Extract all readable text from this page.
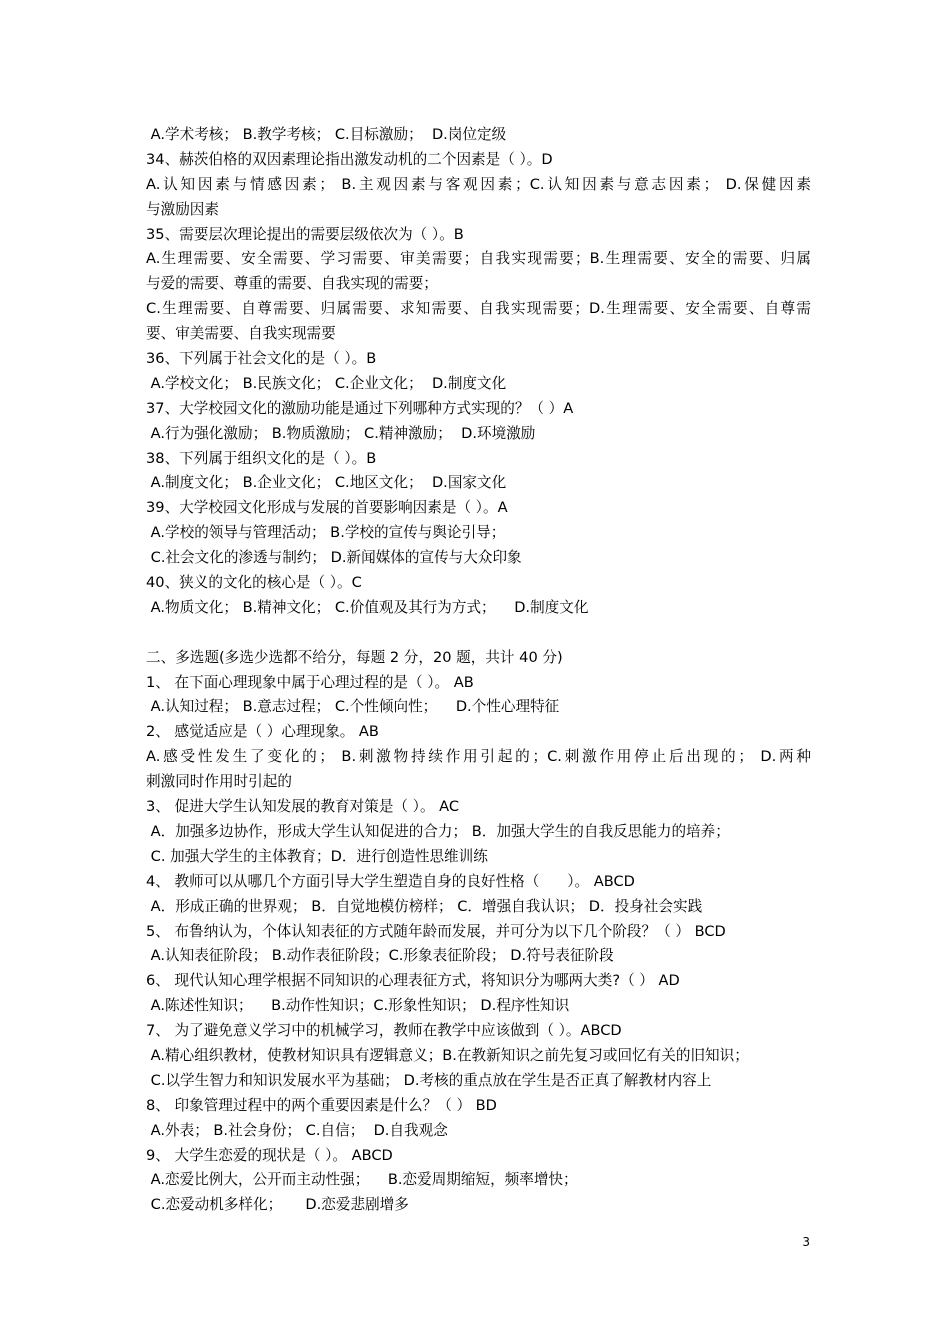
A.学术考核； B.教学考核； C.目标激励；  D.岗位定级
34、赫茨伯格的双因素理论指出激发动机的二个因素是（ ）。D
A.认知因素与情感因素； B.主观因素与客观因素；C.认知因素与意志因素； D.保健因素
与激励因素
35、需要层次理论提出的需要层级依次为（ ）。B
A.生理需要、安全需要、学习需要、审美需要；自我实现需要；B.生理需要、安全的需要、归属
与爱的需要、尊重的需要、自我实现的需要；
C.生理需要、自尊需要、归属需要、求知需要、自我实现需要；D.生理需要、安全需要、自尊需
要、审美需要、自我实现需要
36、下列属于社会文化的是（ ）。B
A.学校文化； B.民族文化； C.企业文化；  D.制度文化
37、大学校园文化的激励功能是通过下列哪种方式实现的？（ ）A
A.行为强化激励； B.物质激励； C.精神激励；  D.环境激励
38、下列属于组织文化的是（ ）。B
A.制度文化； B.企业文化； C.地区文化；  D.国家文化
39、大学校园文化形成与发展的首要影响因素是（ ）。A
A.学校的领导与管理活动； B.学校的宣传与舆论引导；
C.社会文化的渗透与制约； D.新闻媒体的宣传与大众印象
40、狭义的文化的核心是（ ）。C
A.物质文化； B.精神文化； C.价值观及其行为方式；    D.制度文化
二、多选题(多选少选都不给分，每题 2 分，20 题，共计 40 分)
1、 在下面心理现象中属于心理过程的是（ ）。 AB
A.认知过程； B.意志过程； C.个性倾向性；    D.个性心理特征
2、 感觉适应是（ ）心理现象。 AB
A.感受性发生了变化的； B.刺激物持续作用引起的；C.刺激作用停止后出现的； D.两种
刺激同时作用时引起的
3、 促进大学生认知发展的教育对策是（ ）。 AC
A．加强多边协作，形成大学生认知促进的合力； B．加强大学生的自我反思能力的培养；
C. 加强大学生的主体教育；D．进行创造性思维训练
4、 教师可以从哪几个方面引导大学生塑造自身的良好性格（      ）。 ABCD
A．形成正确的世界观； B．自觉地模仿榜样； C．增强自我认识； D．投身社会实践
5、 布鲁纳认为，个体认知表征的方式随年龄而发展，并可分为以下几个阶段？（ ） BCD
A.认知表征阶段； B.动作表征阶段；C.形象表征阶段； D.符号表征阶段
6、 现代认知心理学根据不同知识的心理表征方式，将知识分为哪两大类?（ ） AD
A.陈述性知识；    B.动作性知识；C.形象性知识； D.程序性知识
7、 为了避免意义学习中的机械学习，教师在教学中应该做到（ ）。ABCD
A.精心组织教材，使教材知识具有逻辑意义；B.在教新知识之前先复习或回忆有关的旧知识；
C.以学生智力和知识发展水平为基础； D.考核的重点放在学生是否正真了解教材内容上
8、 印象管理过程中的两个重要因素是什么？（ ） BD
A.外表； B.社会身份； C.自信；  D.自我观念
9、 大学生恋爱的现状是（ ）。 ABCD
A.恋爱比例大，公开而主动性强；    B.恋爱周期缩短，频率增快；
C.恋爱动机多样化；     D.恋爱悲剧增多
3
